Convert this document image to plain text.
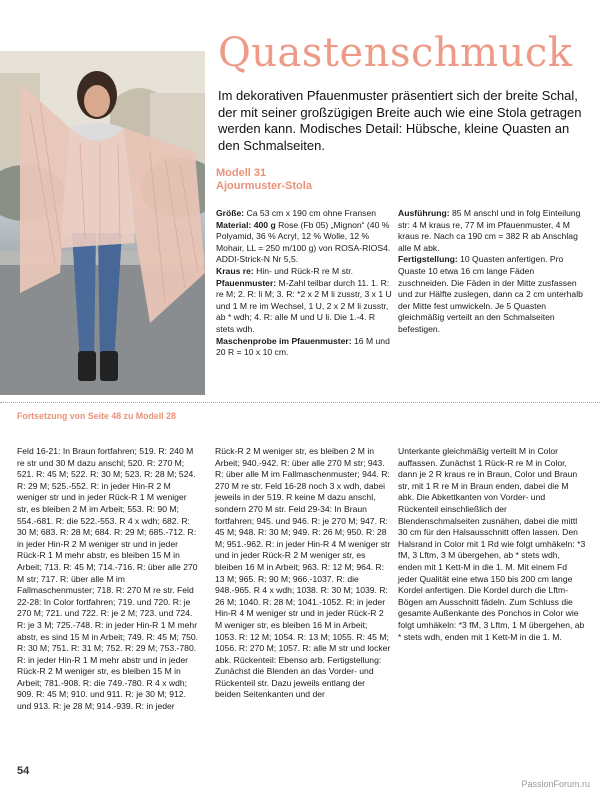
Quastenschmuck
Im dekorativen Pfauenmuster präsentiert sich der breite Schal, der mit seiner großzügigen Breite auch wie eine Stola getragen werden kann. Modisches Detail: Hübsche, kleine Quasten an den Schmalseiten.
Modell 31
Ajourmuster-Stola

Größe: Ca 53 cm x 190 cm ohne Fransen

Material: 400 g Rose (Fb 05) „Mignon“ (40 % Polyamid, 36 % Acryl, 12 % Wolle, 12 % Mohair, LL = 250 m/100 g) von ROSA-RIOS4. ADDI-Strick-N Nr 5,5.

Kraus re: Hin- und Rück-R re M str.

Pfauenmuster: M-Zahl teilbar durch 11. 1. R: re M; 2. R: li M; 3. R: *2 x 2 M li zusstr, 3 x 1 U und 1 M re im Wechsel, 1 U, 2 x 2 M li zusstr, ab * wdh; 4. R: alle M und U li. Die 1.-4. R stets wdh.

Maschenprobe im Pfauenmuster: 16 M und 20 R = 10 x 10 cm.

Ausführung: 85 M anschl und in folg Einteilung str: 4 M kraus re, 77 M im Pfauenmuster, 4 M kraus re. Nach ca 190 cm = 382 R ab Anschlag alle M abk.

Fertigstellung: 10 Quasten anfertigen. Pro Quaste 10 etwa 16 cm lange Fäden zuschneiden. Die Fäden in der Mitte zusfassen und zur Hälfte zuslegen, dann ca 2 cm unterhalb der Mitte fest umwickeln. Je 5 Quasten gleichmäßig verteilt an den Schmalseiten befestigen.

Fortsetzung von Seite 48 zu Modell 28
Feld 16-21: In Braun fortfahren; 519. R: 240 M re str und 30 M dazu anschl; 520. R: 270 M; 521. R: 45 M; 522. R: 30 M; 523. R: 28 M; 524. R: 29 M; 525.-552. R: in jeder Hin-R 2 M weniger str und in jeder Rück-R 1 M weniger str, es bleiben 2 M im Arbeit; 553. R: 90 M; 554.-681. R: die 522.-553. R 4 x wdh; 682. R: 30 M; 683. R: 28 M; 684. R: 29 M; 685.-712. R: in jeder Hin-R 2 M weniger str und in jeder Rück-R 1 M mehr abstr, es bleiben 15 M in Arbeit; 713. R: 45 M; 714.-716. R: über alle 270 M str; 717. R: über alle M im Fallmaschenmuster; 718. R: 270 M re str. Feld 22-28: In Color fortfahren; 719. und 720. R: je 270 M; 721. und 722. R: je 2 M; 723. und 724. R: je 3 M; 725.-748. R: in jeder Hin-R 1 M mehr abstr, es sind 15 M in Arbeit; 749. R: 45 M; 750. R: 30 M; 751. R: 31 M; 752. R: 29 M; 753.-780. R: in jeder Hin-R 1 M mehr abstr und in jeder Rück-R 2 M weniger str, es bleiben 15 M in Arbeit; 781.-908. R: die 749.-780. R 4 x wdh; 909. R: 45 M; 910. und 911. R: je 30 M; 912. und 913. R: je 28 M; 914.-939. R: in jeder
Rück-R 2 M weniger str, es bleiben 2 M in Arbeit; 940.-942. R: über alle 270 M str; 943. R: über alle M im Fallmaschenmuster; 944. R: 270 M re str. Feld 16-28 noch 3 x wdh, dabei jeweils in der 519. R keine M dazu anschl, sondern 270 M str. Feld 29-34: In Braun fortfahren; 945. und 946. R: je 270 M; 947. R: 45 M; 948. R: 30 M; 949. R: 26 M; 950. R: 28 M; 951.-962. R: in jeder Hin-R 4 M weniger str und in jeder Rück-R 2 M weniger str, es bleiben 16 M in Arbeit; 963. R: 12 M; 964. R: 13 M; 965. R: 90 M; 966.-1037. R: die 948.-965. R 4 x wdh; 1038. R: 30 M; 1039. R: 26 M; 1040. R: 28 M; 1041.-1052. R: in jeder Hin-R 4 M weniger str und in jeder Rück-R 2 M weniger str, es bleiben 16 M in Arbeit; 1053. R: 12 M; 1054. R: 13 M; 1055. R: 45 M; 1056. R: 270 M; 1057. R: alle M str und locker abk. Rückenteil: Ebenso arb. Fertigstellung: Zunächst die Blenden an das Vorder- und Rückenteil str. Dazu jeweils entlang der beiden Seitenkanten und der
Unterkante gleichmäßig verteilt M in Color auffassen. Zunächst 1 Rück-R re M in Color, dann je 2 R kraus re in Braun, Color und Braun str, mit 1 R re M in Braun enden, dabei die M abk. Die Abkettkanten von Vorder- und Rückenteil einschließlich der Blendenschmalseiten zusnähen, dabei die mittl 30 cm für den Halsausschnitt offen lassen. Den Halsrand in Color mit 1 Rd wie folgt umhäkeln: *3 fM, 3 Lftm, 3 M übergehen, ab * stets wdh, enden mit 1 Kett-M in die 1. M. Mit einem Fd jeder Qualität eine etwa 150 bis 200 cm lange Kordel anfertigen. Die Kordel durch die Lftm-Bögen am Ausschnitt fädeln. Zum Schluss die gesamte Außenkante des Ponchos in Color wie folgt umhäkeln: *3 fM, 3 Lftm, 1 M übergehen, ab * stets wdh, enden mit 1 Kett-M in die 1. M.
54
PassionForum.ru
